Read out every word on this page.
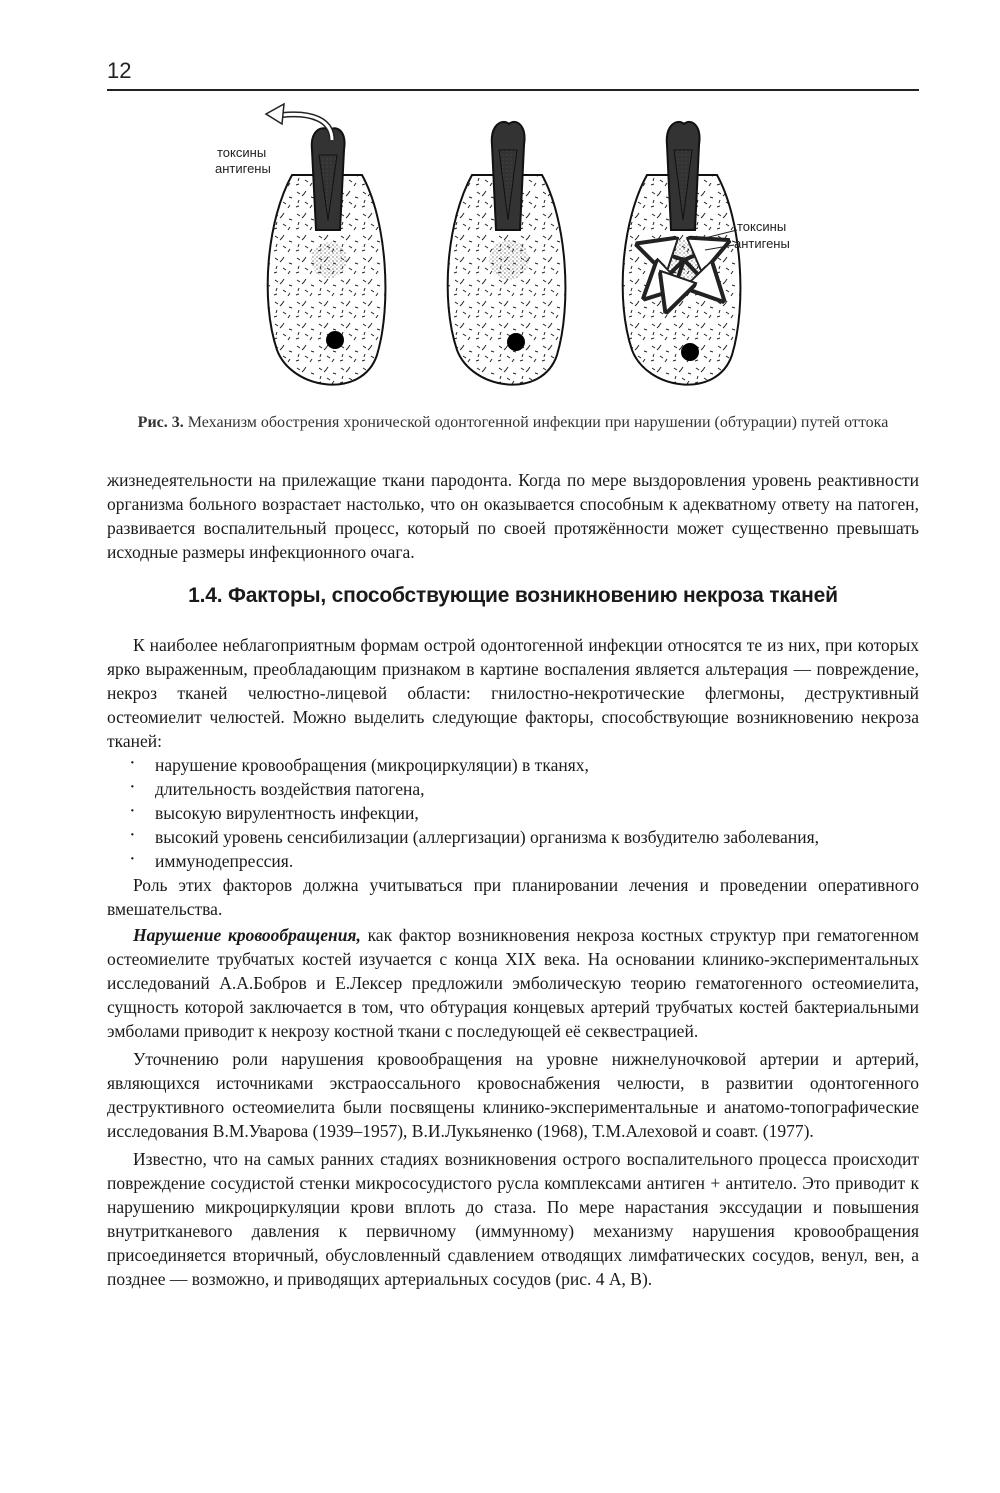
12
токсины
антигены
токсины
антигены
Рис. 3. Механизм обострения хронической одонтогенной инфекции при нарушении (обтурации) путей оттока

жизнедеятельности на прилежащие ткани пародонта. Когда по мере выздоровления уровень реактивности организма больного возрастает настолько, что он оказывается способным к адекватному ответу на патоген, развивается воспалительный процесс, который по своей протяжённости может существенно превышать исходные размеры инфекционного очага.

1.4. Факторы, способствующие возникновению некроза тканей

К наиболее неблагоприятным формам острой одонтогенной инфекции относятся те из них, при которых ярко выраженным, преобладающим признаком в картине воспаления является альтерация — повреждение, некроз тканей челюстно-лицевой области: гнилостно-некротические флегмоны, деструктивный остеомиелит челюстей. Можно выделить следующие факторы, способствующие возникновению некроза тканей:

· нарушение кровообращения (микроциркуляции) в тканях,
· длительность воздействия патогена,
· высокую вирулентность инфекции,
· высокий уровень сенсибилизации (аллергизации) организма к возбудителю заболевания,
· иммунодепрессия.

Роль этих факторов должна учитываться при планировании лечения и проведении оперативного вмешательства.

Нарушение кровообращения, как фактор возникновения некроза костных структур при гематогенном остеомиелите трубчатых костей изучается с конца XIX века. На основании клинико-экспериментальных исследований А.А.Бобров и Е.Лексер предложили эмболическую теорию гематогенного остеомиелита, сущность которой заключается в том, что обтурация концевых артерий трубчатых костей бактериальными эмболами приводит к некрозу костной ткани с последующей её секвестрацией.

Уточнению роли нарушения кровообращения на уровне нижнелуночковой артерии и артерий, являющихся источниками экстраоссального кровоснабжения челюсти, в развитии одонтогенного деструктивного остеомиелита были посвящены клинико-экспериментальные и анатомо-топографические исследования В.М.Уварова (1939–1957), В.И.Лукьяненко (1968), Т.М.Алеховой и соавт. (1977).

Известно, что на самых ранних стадиях возникновения острого воспалительного процесса происходит повреждение сосудистой стенки микрососудистого русла комплексами антиген + антитело. Это приводит к нарушению микроциркуляции крови вплоть до стаза. По мере нарастания экссудации и повышения внутритканевого давления к первичному (иммунному) механизму нарушения кровообращения присоединяется вторичный, обусловленный сдавлением отводящих лимфатических сосудов, венул, вен, а позднее — возможно, и приводящих артериальных сосудов (рис. 4 А, В).
